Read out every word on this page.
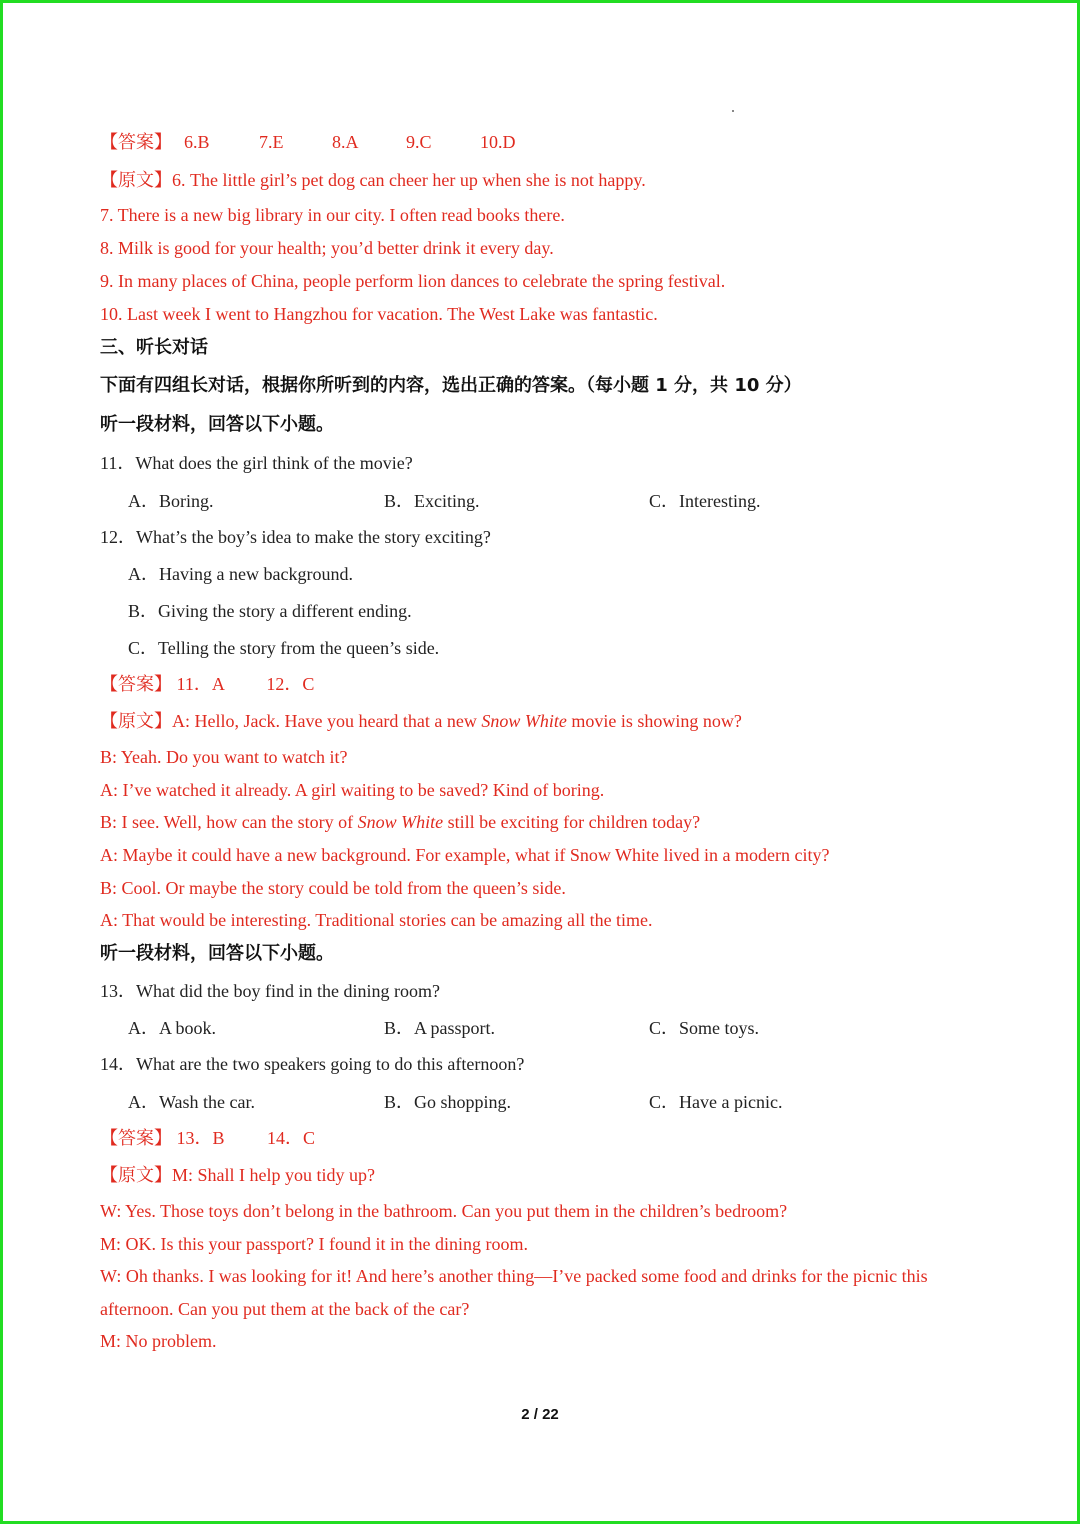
【答案】 6.B	7.E	8.A	9.C	10.D
【原文】6. The little girl’s pet dog can cheer her up when she is not happy.
7. There is a new big library in our city. I often read books there.
8. Milk is good for your health; you’d better drink it every day.
9. In many places of China, people perform lion dances to celebrate the spring festival.
10. Last week I went to Hangzhou for vacation. The West Lake was fantastic.
三、听长对话
下面有四组长对话，根据你所听到的内容，选出正确的答案。（每小题 1 分，共 10 分）
听一段材料，回答以下小题。
11．What does the girl think of the movie?
A．Boring.	B．Exciting.	C．Interesting.
12．What’s the boy’s idea to make the story exciting?
A．Having a new background.
B．Giving the story a different ending.
C．Telling the story from the queen’s side.
【答案】 11．A 12．C
【原文】A: Hello, Jack. Have you heard that a new Snow White movie is showing now?
B: Yeah. Do you want to watch it?
A: I’ve watched it already. A girl waiting to be saved? Kind of boring.
B: I see. Well, how can the story of Snow White still be exciting for children today?
A: Maybe it could have a new background. For example, what if Snow White lived in a modern city?
B: Cool. Or maybe the story could be told from the queen’s side.
A: That would be interesting. Traditional stories can be amazing all the time.
听一段材料，回答以下小题。
13．What did the boy find in the dining room?
A．A book.	B．A passport.	C．Some toys.
14．What are the two speakers going to do this afternoon?
A．Wash the car.	B．Go shopping.	C．Have a picnic.
【答案】 13．B 14．C
【原文】M: Shall I help you tidy up?
W: Yes. Those toys don’t belong in the bathroom. Can you put them in the children’s bedroom?
M: OK. Is this your passport? I found it in the dining room.
W: Oh thanks. I was looking for it! And here’s another thing—I’ve packed some food and drinks for the picnic this
afternoon. Can you put them at the back of the car?
M: No problem.
2 / 22
